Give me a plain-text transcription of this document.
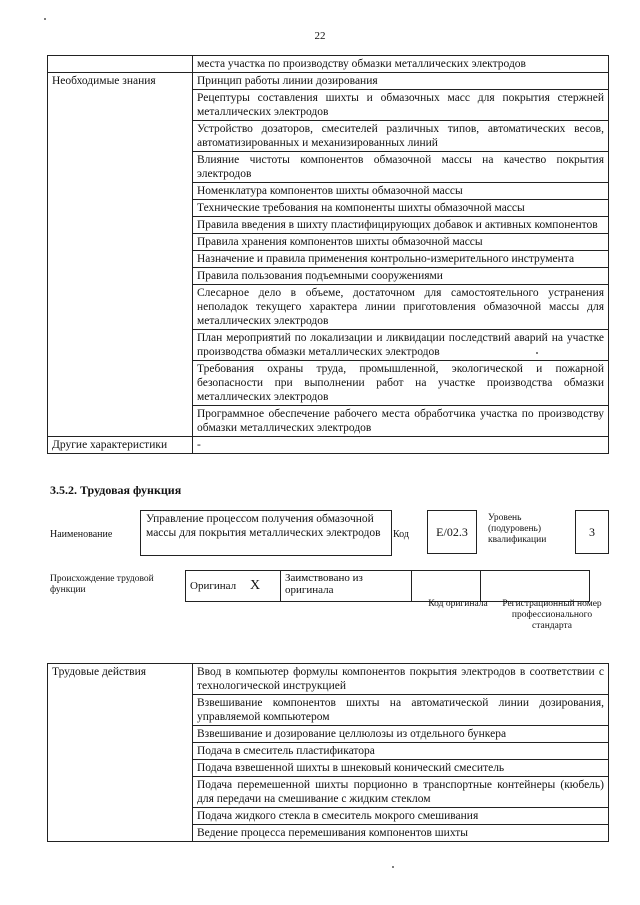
22
	места участка по производству обмазки металлических электродов
Необходимые знания	Принцип работы линии дозирования
	Рецептуры составления шихты и обмазочных масс для покрытия стержней металлических электродов
	Устройство дозаторов, смесителей различных типов, автоматических весов, автоматизированных и механизированных линий
	Влияние чистоты компонентов обмазочной массы на качество покрытия электродов
	Номенклатура компонентов шихты обмазочной массы
	Технические требования на компоненты шихты обмазочной массы
	Правила введения в шихту пластифицирующих добавок и активных компонентов
	Правила хранения компонентов шихты обмазочной массы
	Назначение и правила применения контрольно-измерительного инструмента
	Правила пользования подъемными сооружениями
	Слесарное дело в объеме, достаточном для самостоятельного устранения неполадок текущего характера линии приготовления обмазочной массы для металлических электродов
	План мероприятий по локализации и ликвидации последствий аварий на участке производства обмазки металлических электродов
	Требования охраны труда, промышленной, экологической и пожарной безопасности при выполнении работ на участке производства обмазки металлических электродов
	Программное обеспечение рабочего места обработчика участка по производству обмазки металлических электродов
Другие характеристики	-
3.5.2. Трудовая функция
Наименование
Управление процессом получения обмазочной массы для покрытия металлических электродов Код E/02.3
Уровень (подуровень) квалификации
3
Происхождение трудовой функции	Оригинал	X	Заимствовано из оригинала		
Код оригинала Регистрационный номер профессионального стандарта
Трудовые действия	Ввод в компьютер формулы компонентов покрытия электродов в соответствии с технологической инструкцией
Взвешивание компонентов шихты на автоматической линии дозирования, управляемой компьютером
Взвешивание и дозирование целлюлозы из отдельного бункера
Подача в смеситель пластификатора
Подача взвешенной шихты в шнековый конический смеситель
Подача перемешенной шихты порционно в транспортные контейнеры (кюбель) для передачи на смешивание с жидким стеклом
Подача жидкого стекла в смеситель мокрого смешивания
Ведение процесса перемешивания компонентов шихты
